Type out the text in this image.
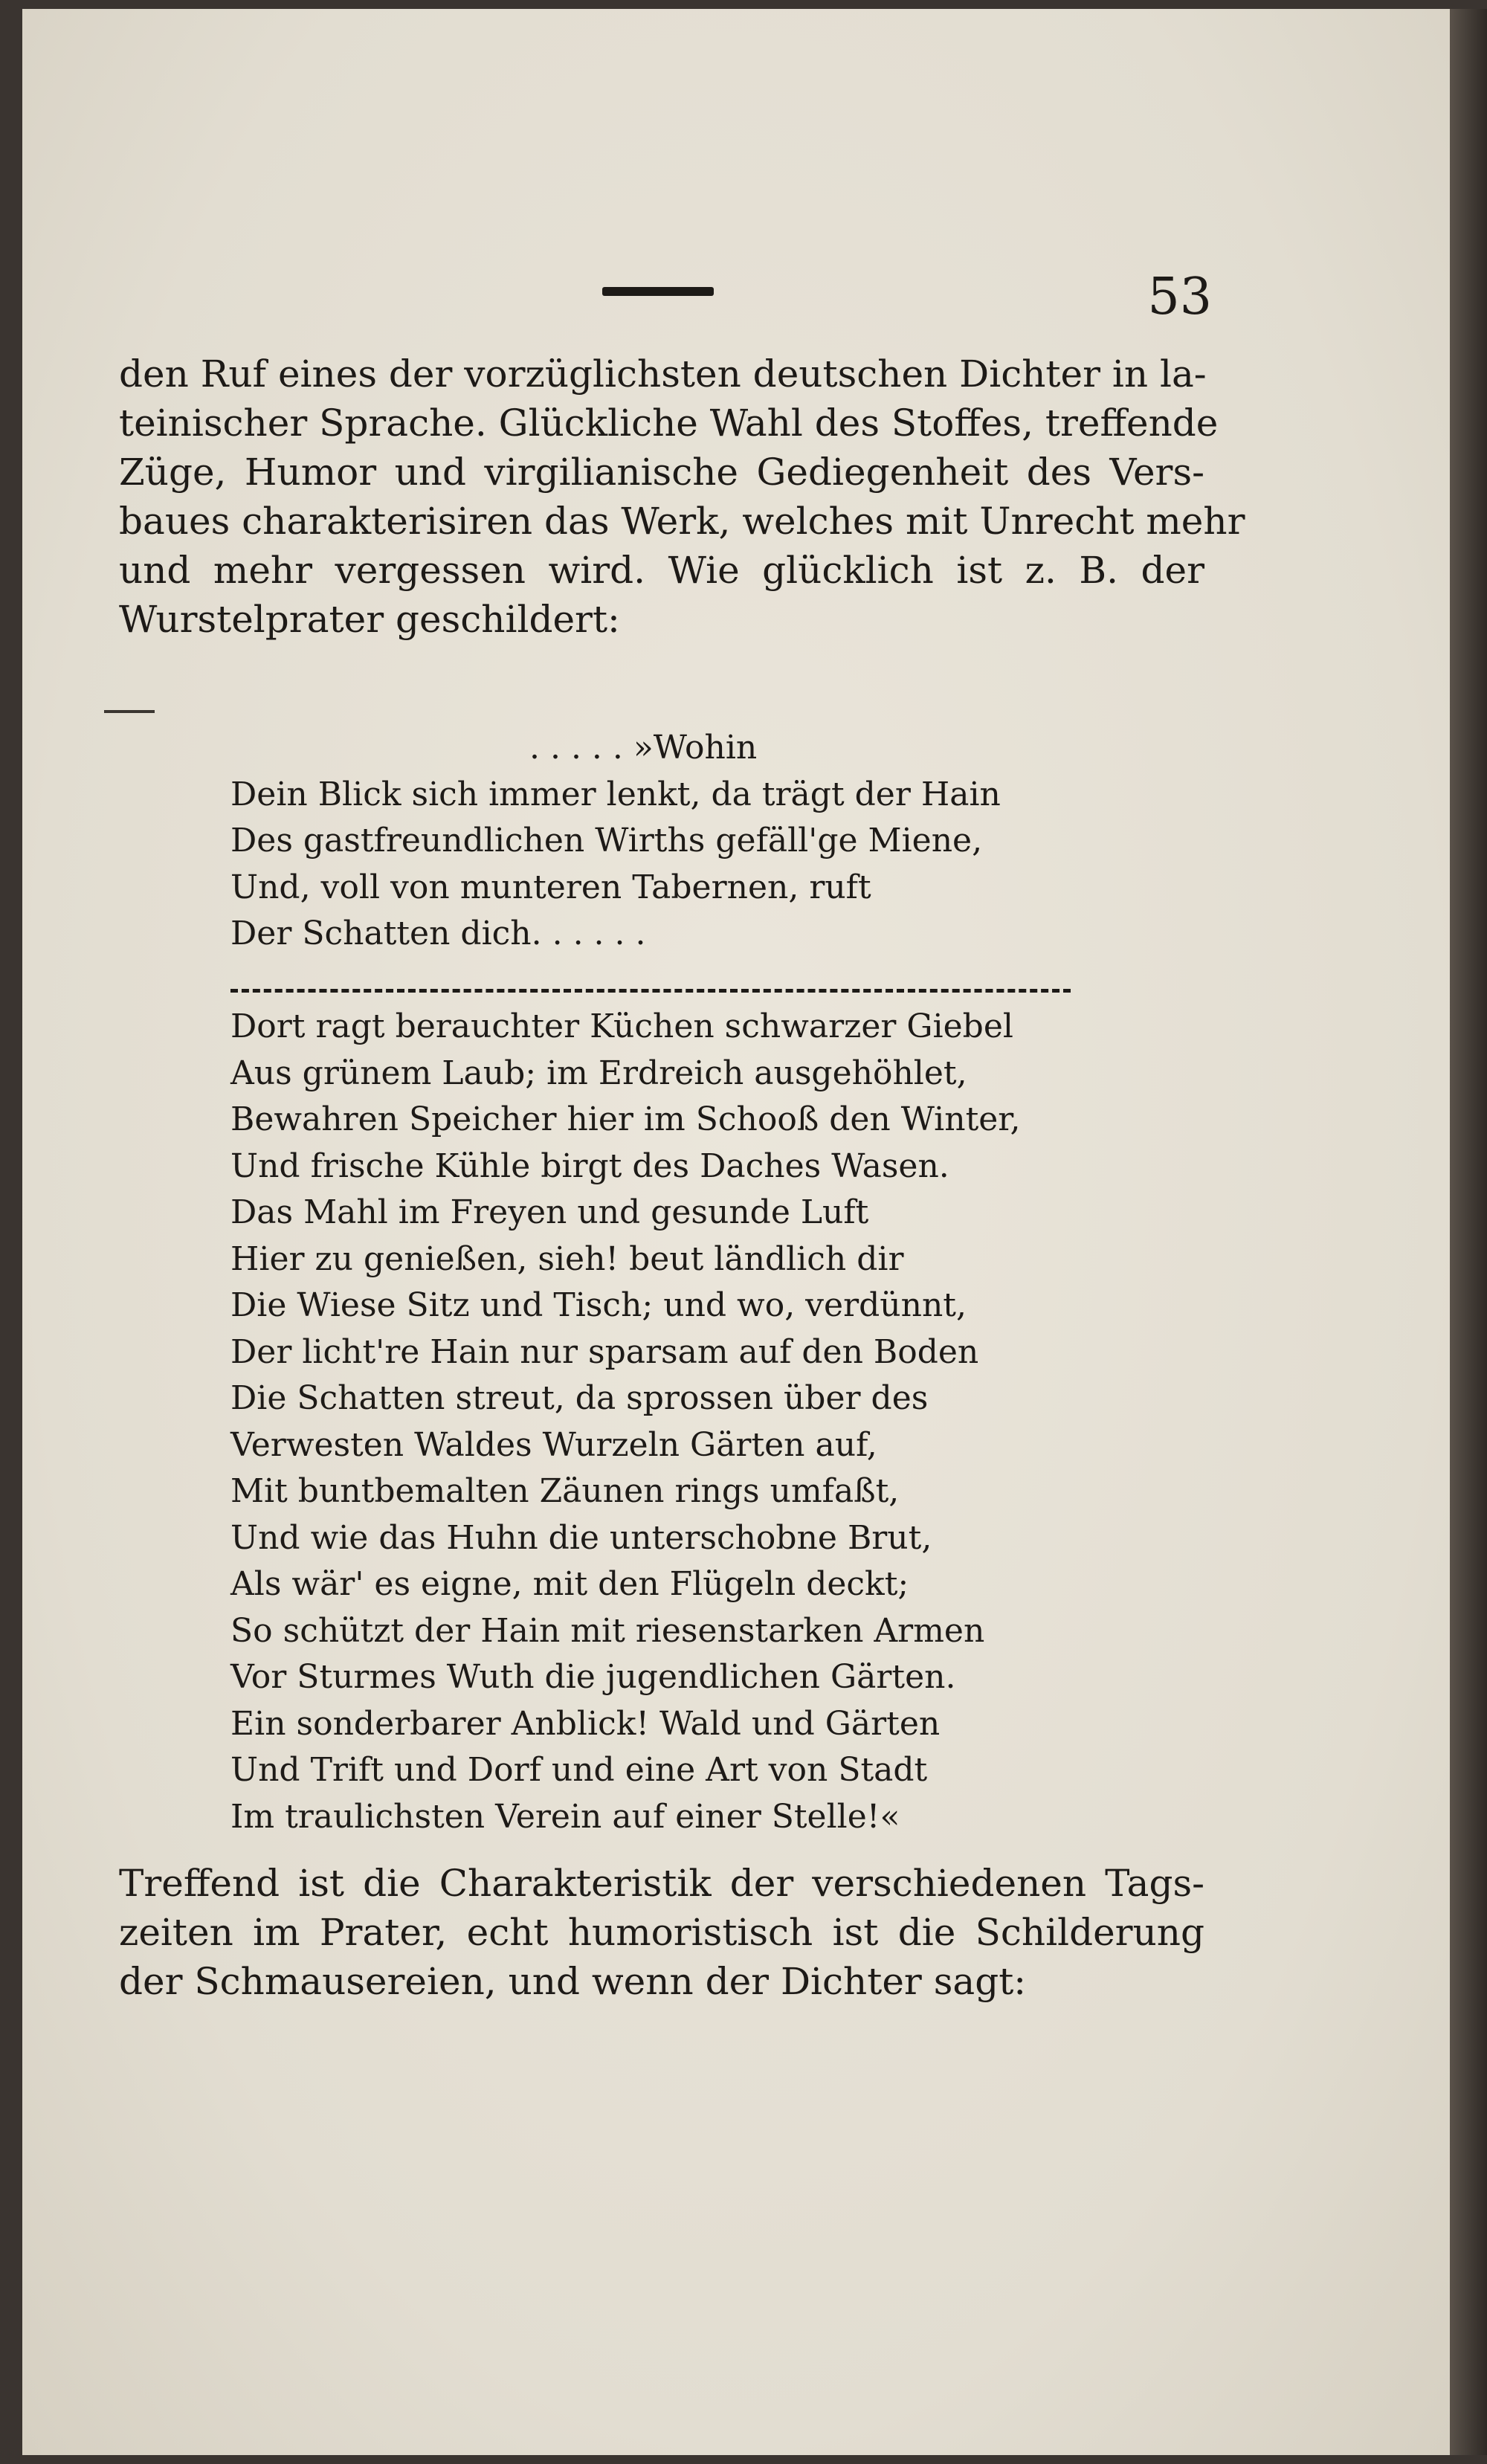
53
den Ruf eines der vorzüglichsten deutschen Dichter in la-
teinischer Sprache. Glückliche Wahl des Stoffes, treffende
Züge, Humor und virgilianische Gediegenheit des Vers-
baues charakterisiren das Werk, welches mit Unrecht mehr
und mehr vergessen wird. Wie glücklich ist z. B. der
Wurstelprater geschildert:
. . . . . »Wohin
Dein Blick sich immer lenkt, da trägt der Hain
Des gastfreundlichen Wirths gefäll'ge Miene,
Und, voll von munteren Tabernen, ruft
Der Schatten dich. . . . . .
Dort ragt berauchter Küchen schwarzer Giebel
Aus grünem Laub; im Erdreich ausgehöhlet,
Bewahren Speicher hier im Schooß den Winter,
Und frische Kühle birgt des Daches Wasen.
Das Mahl im Freyen und gesunde Luft
Hier zu genießen, sieh! beut ländlich dir
Die Wiese Sitz und Tisch; und wo, verdünnt,
Der licht're Hain nur sparsam auf den Boden
Die Schatten streut, da sprossen über des
Verwesten Waldes Wurzeln Gärten auf,
Mit buntbemalten Zäunen rings umfaßt,
Und wie das Huhn die unterschobne Brut,
Als wär' es eigne, mit den Flügeln deckt;
So schützt der Hain mit riesenstarken Armen
Vor Sturmes Wuth die jugendlichen Gärten.
Ein sonderbarer Anblick! Wald und Gärten
Und Trift und Dorf und eine Art von Stadt
Im traulichsten Verein auf einer Stelle!«
Treffend ist die Charakteristik der verschiedenen Tags-
zeiten im Prater, echt humoristisch ist die Schilderung
der Schmausereien, und wenn der Dichter sagt:
